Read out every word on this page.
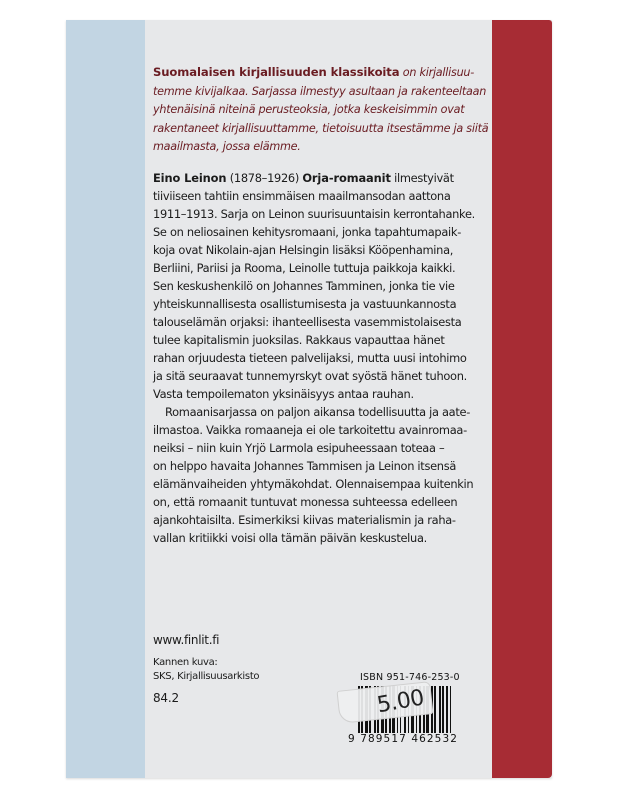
Suomalaisen kirjallisuuden klassikoita on kirjallisuu-
temme kivijalkaa. Sarjassa ilmestyy asultaan ja rakenteeltaan
yhtenäisinä niteinä perusteoksia, jotka keskeisimmin ovat
rakentaneet kirjallisuuttamme, tietoisuutta itsestämme ja siitä
maailmasta, jossa elämme.
Eino Leinon (1878–1926) Orja-romaanit ilmestyivät
tiiviiseen tahtiin ensimmäisen maailmansodan aattona
1911–1913. Sarja on Leinon suurisuuntaisin kerrontahanke.
Se on neliosainen kehitysromaani, jonka tapahtumapaik-
koja ovat Nikolain-ajan Helsingin lisäksi Kööpenhamina,
Berliini, Pariisi ja Rooma, Leinolle tuttuja paikkoja kaikki.
Sen keskushenkilö on Johannes Tamminen, jonka tie vie
yhteiskunnallisesta osallistumisesta ja vastuunkannosta
talouselämän orjaksi: ihanteellisesta vasemmistolaisesta
tulee kapitalismin juoksilas. Rakkaus vapauttaa hänet
rahan orjuudesta tieteen palvelijaksi, mutta uusi intohimo
ja sitä seuraavat tunnemyrskyt ovat syöstä hänet tuhoon.
Vasta tempoilematon yksinäisyys antaa rauhan.
Romaanisarjassa on paljon aikansa todellisuutta ja aate-
ilmastoa. Vaikka romaaneja ei ole tarkoitettu avainromaa-
neiksi – niin kuin Yrjö Larmola esipuheessaan toteaa –
on helppo havaita Johannes Tammisen ja Leinon itsensä
elämänvaiheiden yhtymäkohdat. Olennaisempaa kuitenkin
on, että romaanit tuntuvat monessa suhteessa edelleen
ajankohtaisilta. Esimerkiksi kiivas materialismin ja raha-
vallan kritiikki voisi olla tämän päivän keskustelua.
www.finlit.fi
Kannen kuva:
SKS, Kirjallisuusarkisto
84.2
ISBN 951-746-253-0
9 789517 462532
5.00
